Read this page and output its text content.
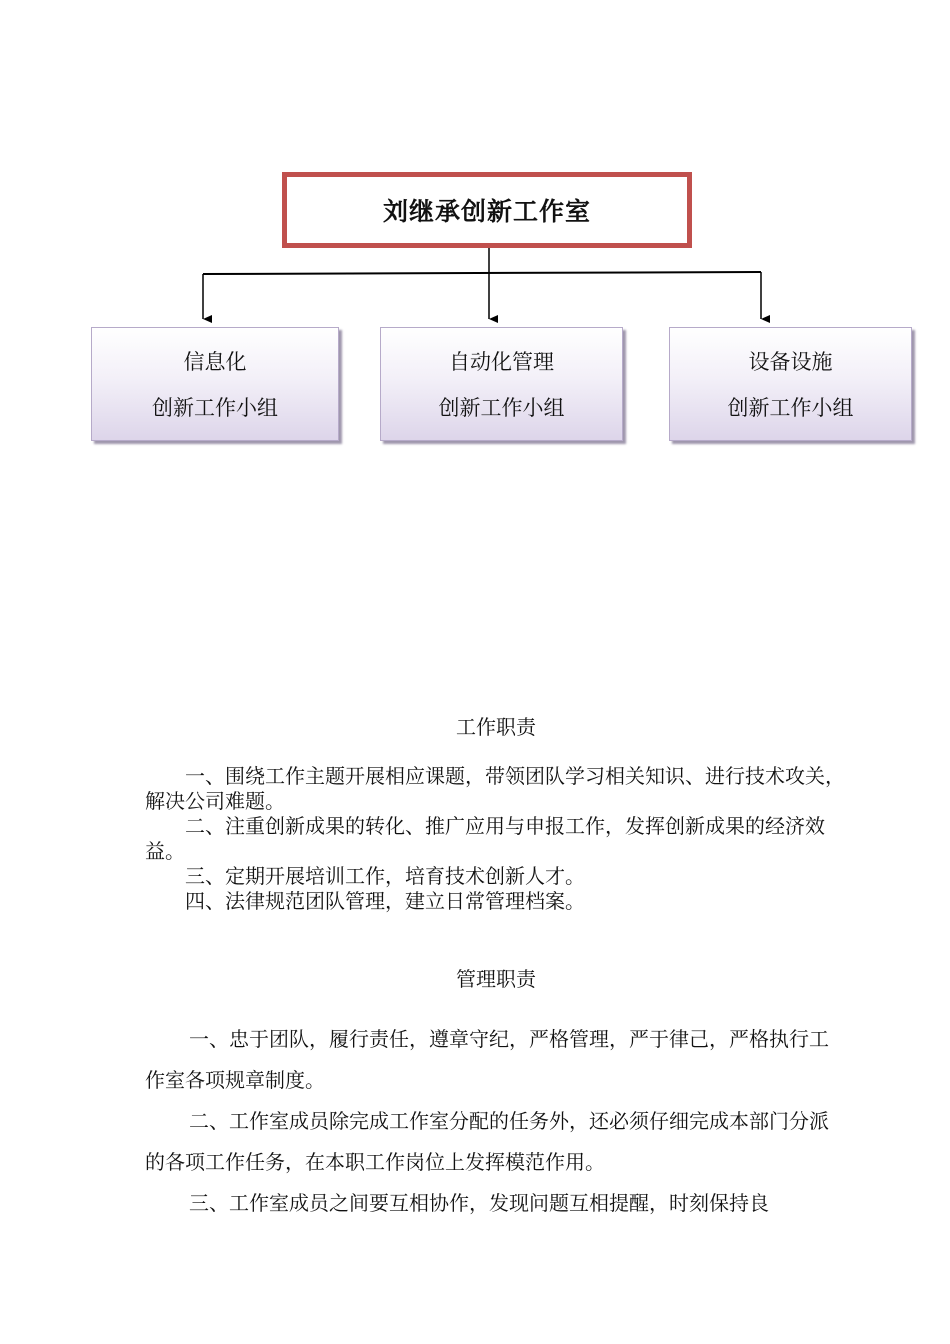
刘继承创新工作室
信息化
创新工作小组
自动化管理
创新工作小组
设备设施
创新工作小组
工作职责

一、围绕工作主题开展相应课题，带领团队学习相关知识、进行技术攻关，解决公司难题。

二、注重创新成果的转化、推广应用与申报工作，发挥创新成果的经济效益。

三、定期开展培训工作，培育技术创新人才。

四、法律规范团队管理，建立日常管理档案。

管理职责

一、忠于团队，履行责任，遵章守纪，严格管理，严于律己，严格执行工作室各项规章制度。

二、工作室成员除完成工作室分配的任务外，还必须仔细完成本部门分派的各项工作任务，在本职工作岗位上发挥模范作用。

三、工作室成员之间要互相协作，发现问题互相提醒，时刻保持良
